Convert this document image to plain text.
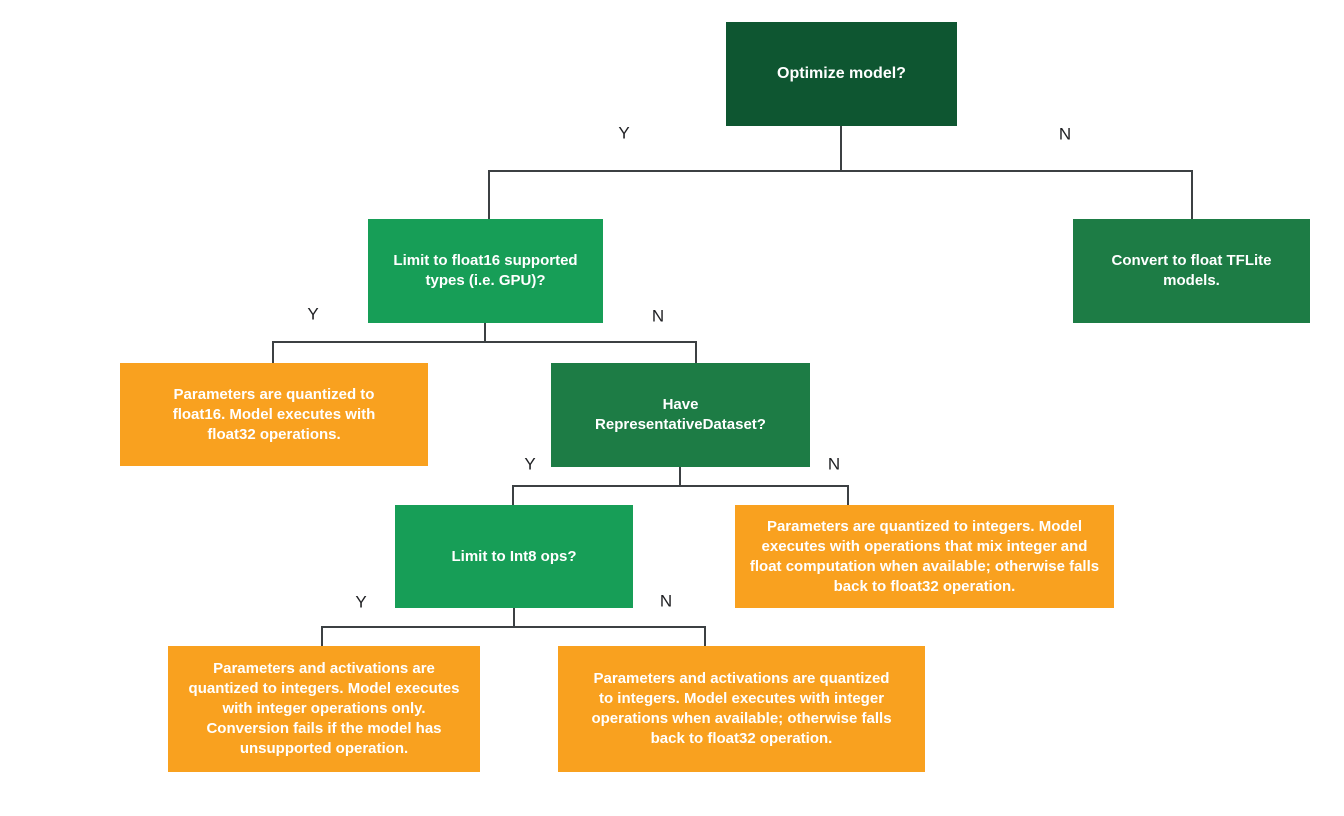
Y	N
Y	N
Y	N
Y	N
Optimize model?
Limit to float16 supported types (i.e. GPU)?
Convert to float TFLite models.
Parameters are quantized to float16. Model executes with float32 operations.
Have RepresentativeDataset?
Parameters are quantized to integers. Model executes with operations that mix integer and float computation when available; otherwise falls back to float32 operation.
Limit to Int8 ops?
Parameters and activations are quantized to integers. Model executes with integer operations only. Conversion fails if the model has unsupported operation.
Parameters and activations are quantized to integers. Model executes with integer operations when available; otherwise falls back to float32 operation.
